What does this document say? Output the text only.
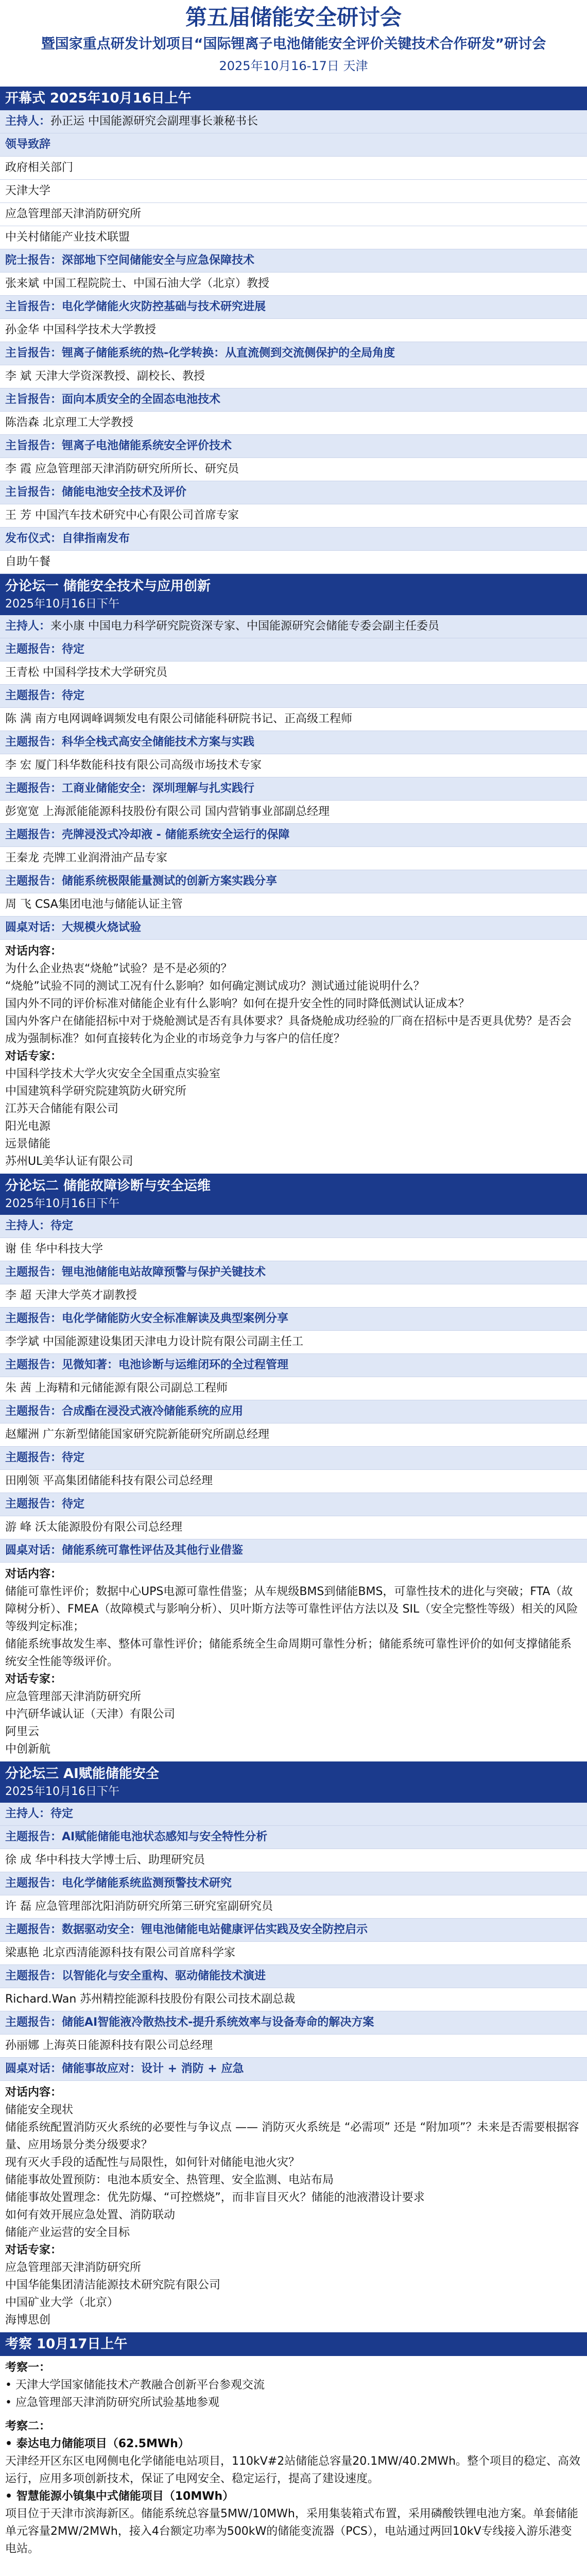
第五届储能安全研讨会
暨国家重点研发计划项目“国际锂离子电池储能安全评价关键技术合作研发”研讨会
2025年10月16-17日 天津
开幕式 2025年10月16日上午
主持人：孙正运 中国能源研究会副理事长兼秘书长
领导致辞
政府相关部门
天津大学
应急管理部天津消防研究所
中关村储能产业技术联盟
院士报告：深部地下空间储能安全与应急保障技术
张来斌 中国工程院院士、中国石油大学（北京）教授
主旨报告：电化学储能火灾防控基础与技术研究进展
孙金华 中国科学技术大学教授
主旨报告：锂离子储能系统的热-化学转换：从直流侧到交流侧保护的全局角度
李 斌 天津大学资深教授、副校长、教授
主旨报告：面向本质安全的全固态电池技术
陈浩森 北京理工大学教授
主旨报告：锂离子电池储能系统安全评价技术
李 霞 应急管理部天津消防研究所所长、研究员
主旨报告：储能电池安全技术及评价
王 芳 中国汽车技术研究中心有限公司首席专家
发布仪式：自律指南发布
自助午餐
分论坛一 储能安全技术与应用创新
2025年10月16日下午
主持人：来小康 中国电力科学研究院资深专家、中国能源研究会储能专委会副主任委员
主题报告：待定
王青松 中国科学技术大学研究员
主题报告：待定
陈 满 南方电网调峰调频发电有限公司储能科研院书记、正高级工程师
主题报告：科华全栈式高安全储能技术方案与实践
李 宏 厦门科华数能科技有限公司高级市场技术专家
主题报告：工商业储能安全：深圳理解与扎实践行
彭宽宽 上海派能能源科技股份有限公司 国内营销事业部副总经理
主题报告：壳牌浸没式冷却液 - 储能系统安全运行的保障
王秦龙 壳牌工业润滑油产品专家
主题报告：储能系统极限能量测试的创新方案实践分享
周 飞 CSA集团电池与储能认证主管
圆桌对话：大规模火烧试验
对话内容：
为什么企业热衷“烧舱”试验？是不是必须的？
“烧舱”试验不同的测试工况有什么影响？如何确定测试成功？测试通过能说明什么？
国内外不同的评价标准对储能企业有什么影响？如何在提升安全性的同时降低测试认证成本？
国内外客户在储能招标中对于烧舱测试是否有具体要求？具备烧舱成功经验的厂商在招标中是否更具优势？是否会成为强制标准？如何直接转化为企业的市场竞争力与客户的信任度？
对话专家：
中国科学技术大学火灾安全全国重点实验室
中国建筑科学研究院建筑防火研究所
江苏天合储能有限公司
阳光电源
远景储能
苏州UL美华认证有限公司
分论坛二 储能故障诊断与安全运维
2025年10月16日下午
主持人：待定
谢 佳 华中科技大学
主题报告：锂电池储能电站故障预警与保护关键技术
李 超 天津大学英才副教授
主题报告：电化学储能防火安全标准解读及典型案例分享
李学斌 中国能源建设集团天津电力设计院有限公司副主任工
主题报告：见微知著：电池诊断与运维闭环的全过程管理
朱 茜 上海精和元储能源有限公司副总工程师
主题报告：合成酯在浸没式液冷储能系统的应用
赵耀洲 广东新型储能国家研究院新能研究所副总经理
主题报告：待定
田刚领 平高集团储能科技有限公司总经理
主题报告：待定
游 峰 沃太能源股份有限公司总经理
圆桌对话：储能系统可靠性评估及其他行业借鉴
对话内容：
储能可靠性评价；数据中心UPS电源可靠性借鉴；从车规级BMS到储能BMS，可靠性技术的进化与突破；FTA（故障树分析）、FMEA（故障模式与影响分析）、贝叶斯方法等可靠性评估方法以及 SIL（安全完整性等级）相关的风险等级判定标准；
储能系统事故发生率、整体可靠性评价；储能系统全生命周期可靠性分析；储能系统可靠性评价的如何支撑储能系统安全性能等级评价。
对话专家：
应急管理部天津消防研究所
中汽研华诚认证（天津）有限公司
阿里云
中创新航
分论坛三 AI赋能储能安全
2025年10月16日下午
主持人：待定
主题报告：AI赋能储能电池状态感知与安全特性分析
徐 成 华中科技大学博士后、助理研究员
主题报告：电化学储能系统监测预警技术研究
许 磊 应急管理部沈阳消防研究所第三研究室副研究员
主题报告：数据驱动安全：锂电池储能电站健康评估实践及安全防控启示
梁惠艳 北京西清能源科技有限公司首席科学家
主题报告：以智能化与安全重构、驱动储能技术演进
Richard.Wan 苏州精控能源科技股份有限公司技术副总裁
主题报告：储能AI智能液冷散热技术-提升系统效率与设备寿命的解决方案
孙丽娜 上海英日能源科技有限公司总经理
圆桌对话：储能事故应对：设计 + 消防 + 应急
对话内容：
储能安全现状
储能系统配置消防灭火系统的必要性与争议点 —— 消防灭火系统是 “必需项” 还是 “附加项”？未来是否需要根据容量、应用场景分类分级要求？
现有灭火手段的适配性与局限性，如何针对储能电池火灾？
储能事故处置预防：电池本质安全、热管理、安全监测、电站布局
储能事故处置理念：优先防爆、“可控燃烧”，而非盲目灭火？储能的池液潜设计要求
如何有效开展应急处置、消防联动
储能产业运营的安全目标
对话专家：
应急管理部天津消防研究所
中国华能集团清洁能源技术研究院有限公司
中国矿业大学（北京）
海博思创
考察 10月17日上午
考察一：
• 天津大学国家储能技术产教融合创新平台参观交流
• 应急管理部天津消防研究所试验基地参观
考察二：
• 泰达电力储能项目（62.5MWh）
天津经开区东区电网侧电化学储能电站项目，110kV#2站储能总容量20.1MW/40.2MWh。整个项目的稳定、高效运行，应用多项创新技术，保证了电网安全、稳定运行，提高了建设速度。
• 智慧能源小镇集中式储能项目（10MWh）
项目位于天津市滨海新区。储能系统总容量5MW/10MWh，采用集装箱式布置，采用磷酸铁锂电池方案。单套储能单元容量2MW/2MWh，接入4台额定功率为500kW的储能变流器（PCS），电站通过两回10kV专线接入游乐港变电站。
